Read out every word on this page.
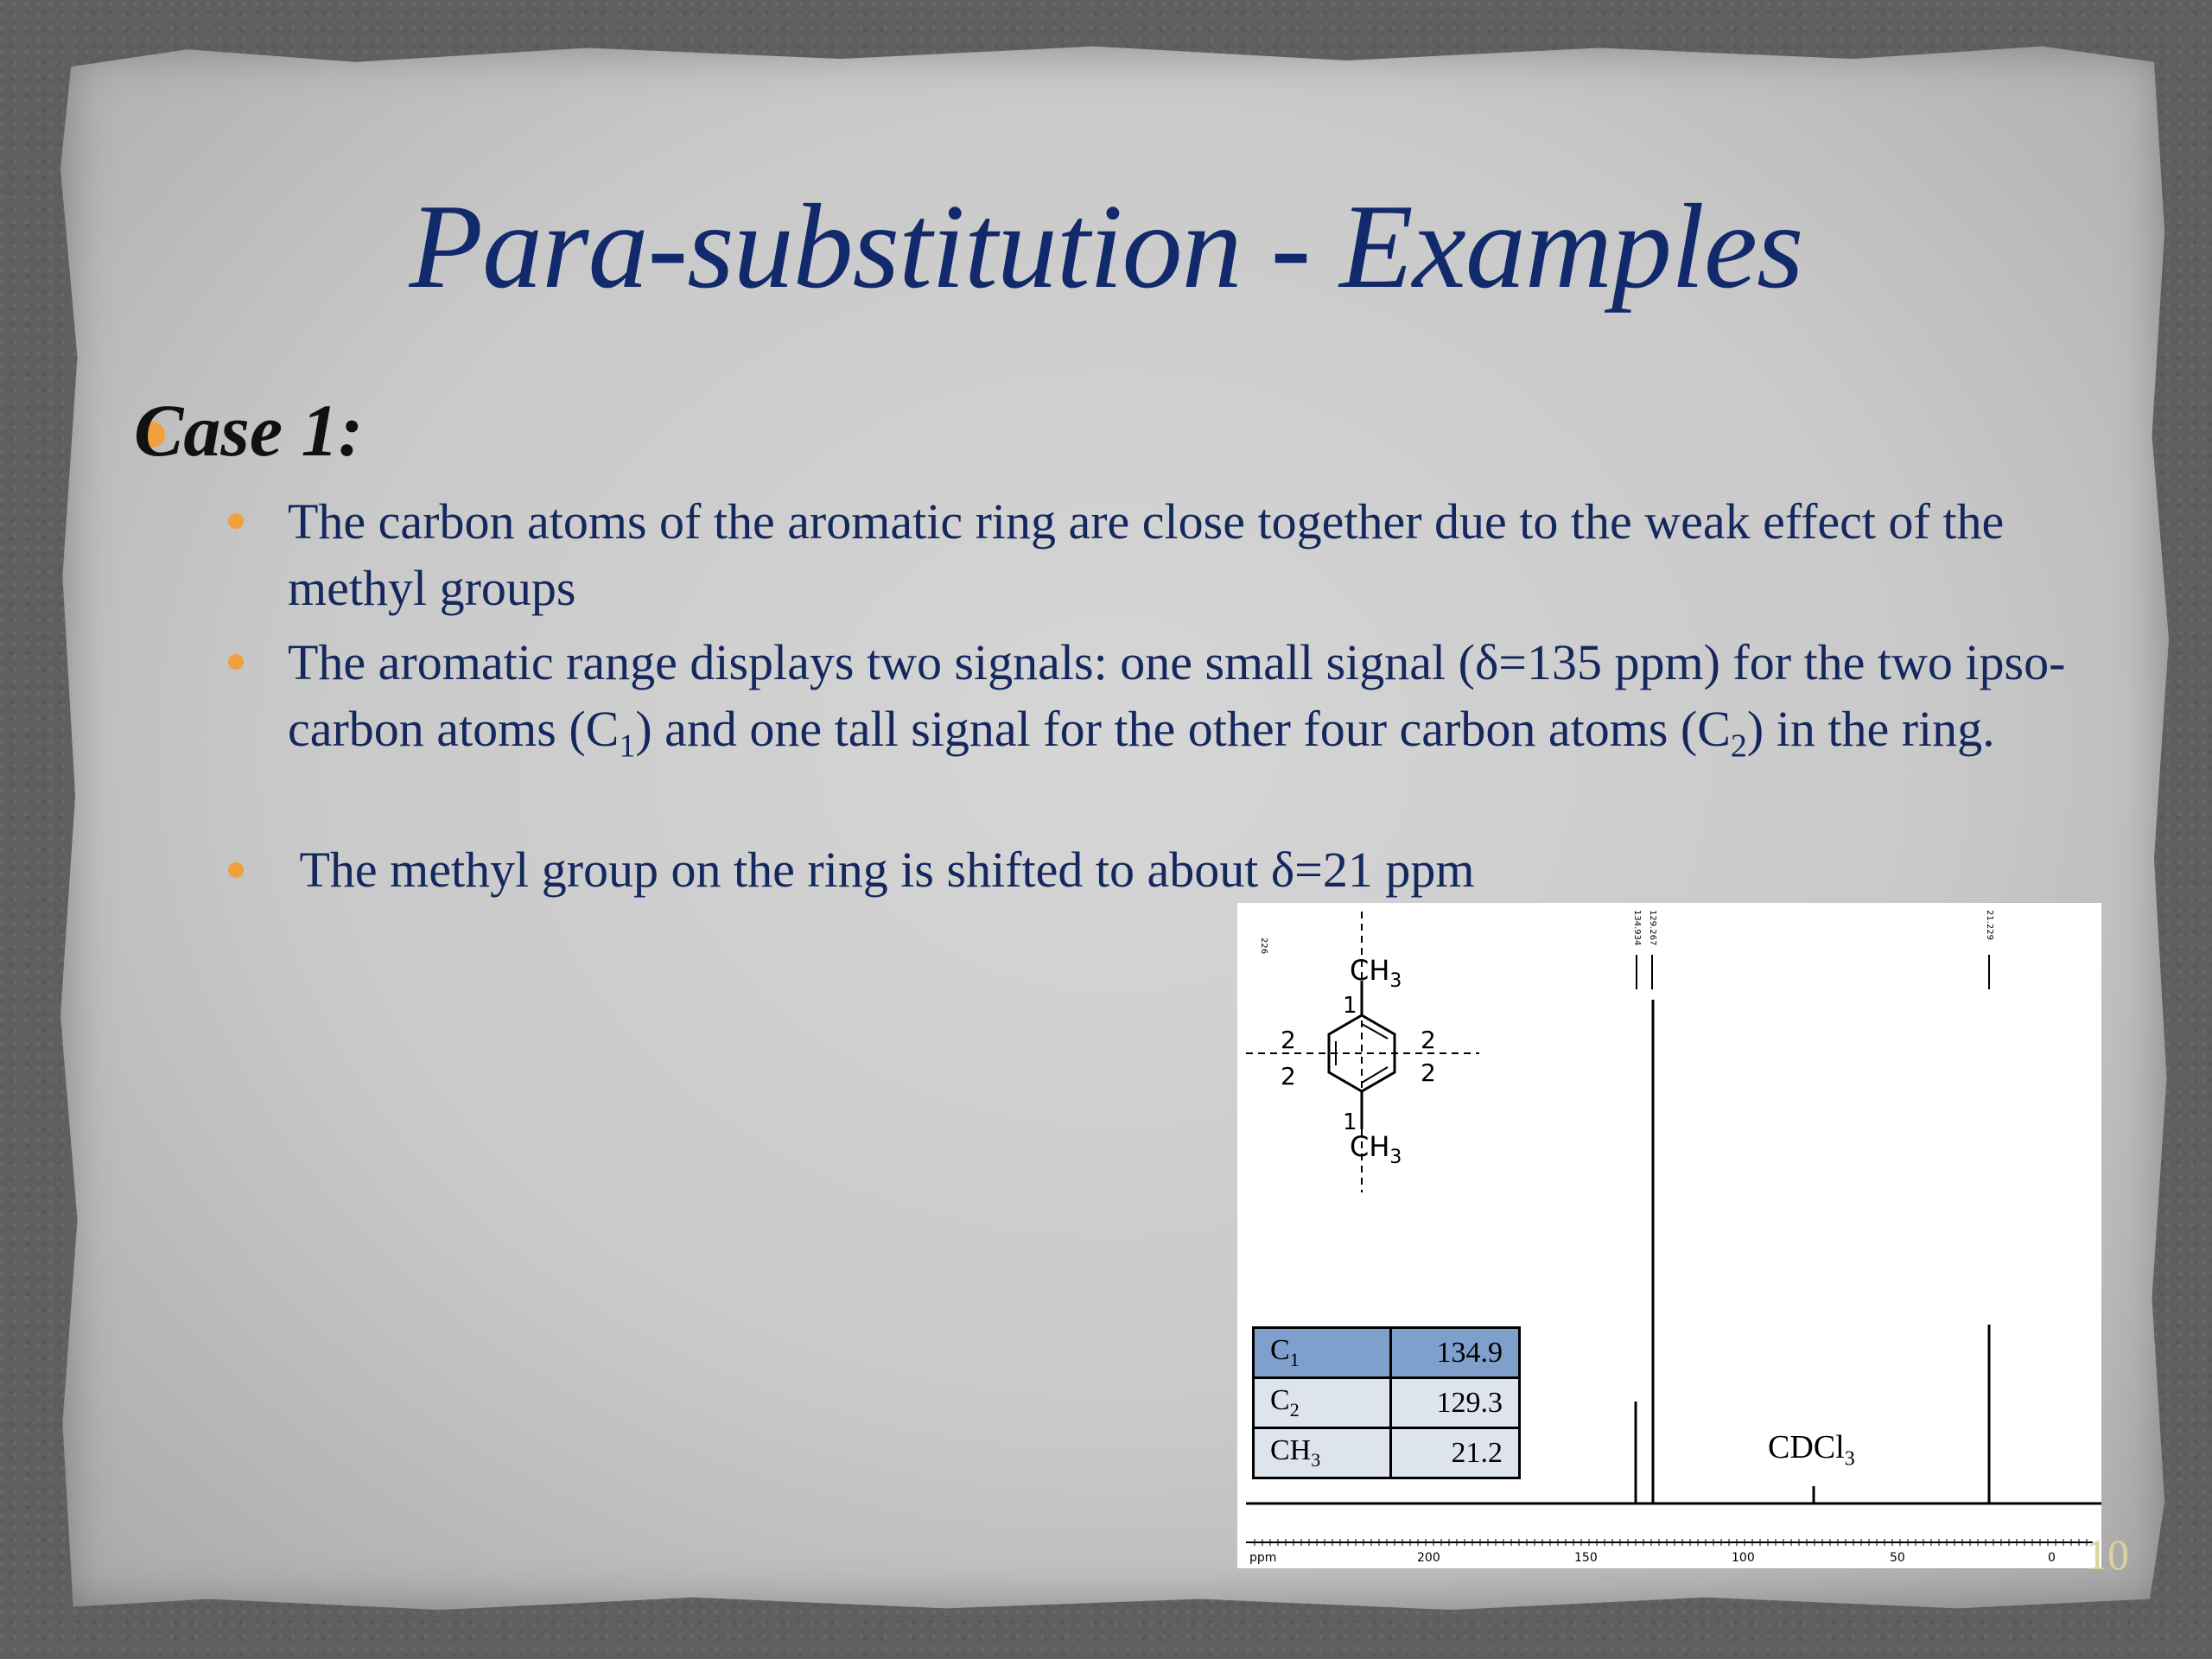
Para-substitution - Examples
Case 1:
The carbon atoms of the aromatic ring are close together due to the weak effect of the methyl groups
The aromatic range displays two signals: one small signal (δ=135 ppm) for the two ipso-carbon atoms $(C_1)$ and one tall signal for the other four carbon atoms $(C_2)$ in the ring.
The methyl group on the ring is shifted to about δ=21 ppm
$CH_3$
1
2	2
2	2
1
$CH_3$
226
134.934 129.267	21.229
ppm	200	150	100	50	0
$C_1$	134.9
$C_2$	129.3
$CH_3$	21.2	CDCl$_3$
10
